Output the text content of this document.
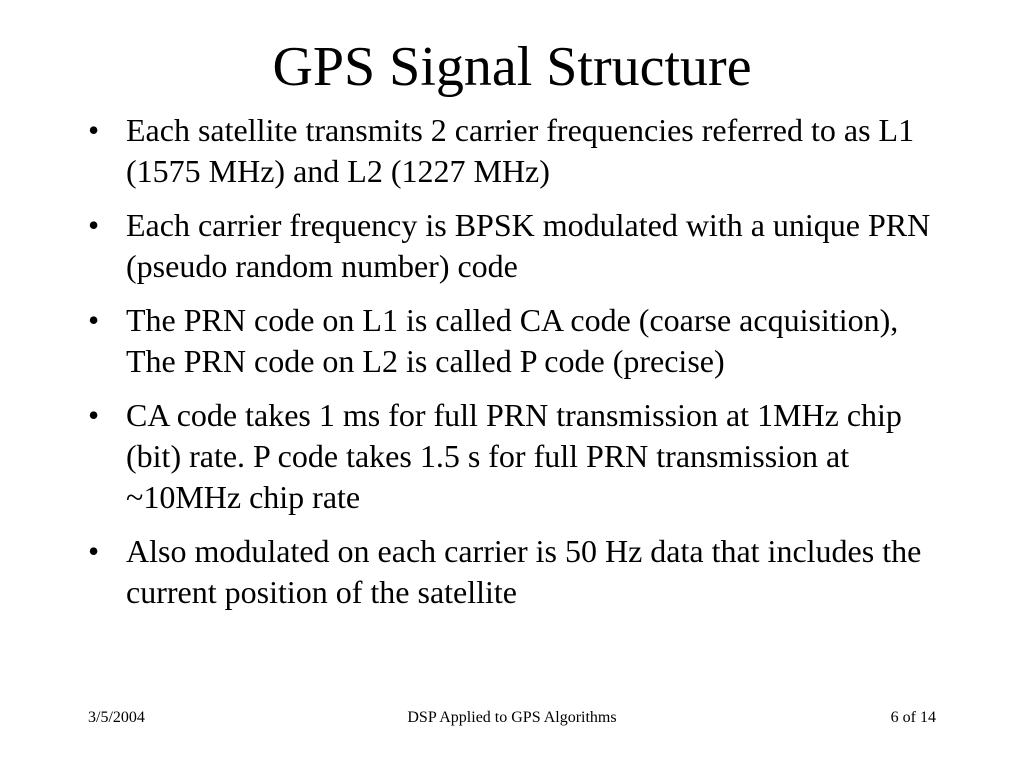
GPS Signal Structure
• Each satellite transmits 2 carrier frequencies referred to as L1 (1575 MHz) and L2 (1227 MHz)
• Each carrier frequency is BPSK modulated with a unique PRN (pseudo random number) code
• The PRN code on L1 is called CA code (coarse acquisition), The PRN code on L2 is called P code (precise)
• CA code takes 1 ms for full PRN transmission at 1MHz chip (bit) rate. P code takes 1.5 s for full PRN transmission at ~10MHz chip rate
• Also modulated on each carrier is 50 Hz data that includes the current position of the satellite
3/5/2004	DSP Applied to GPS Algorithms	6 of 14
